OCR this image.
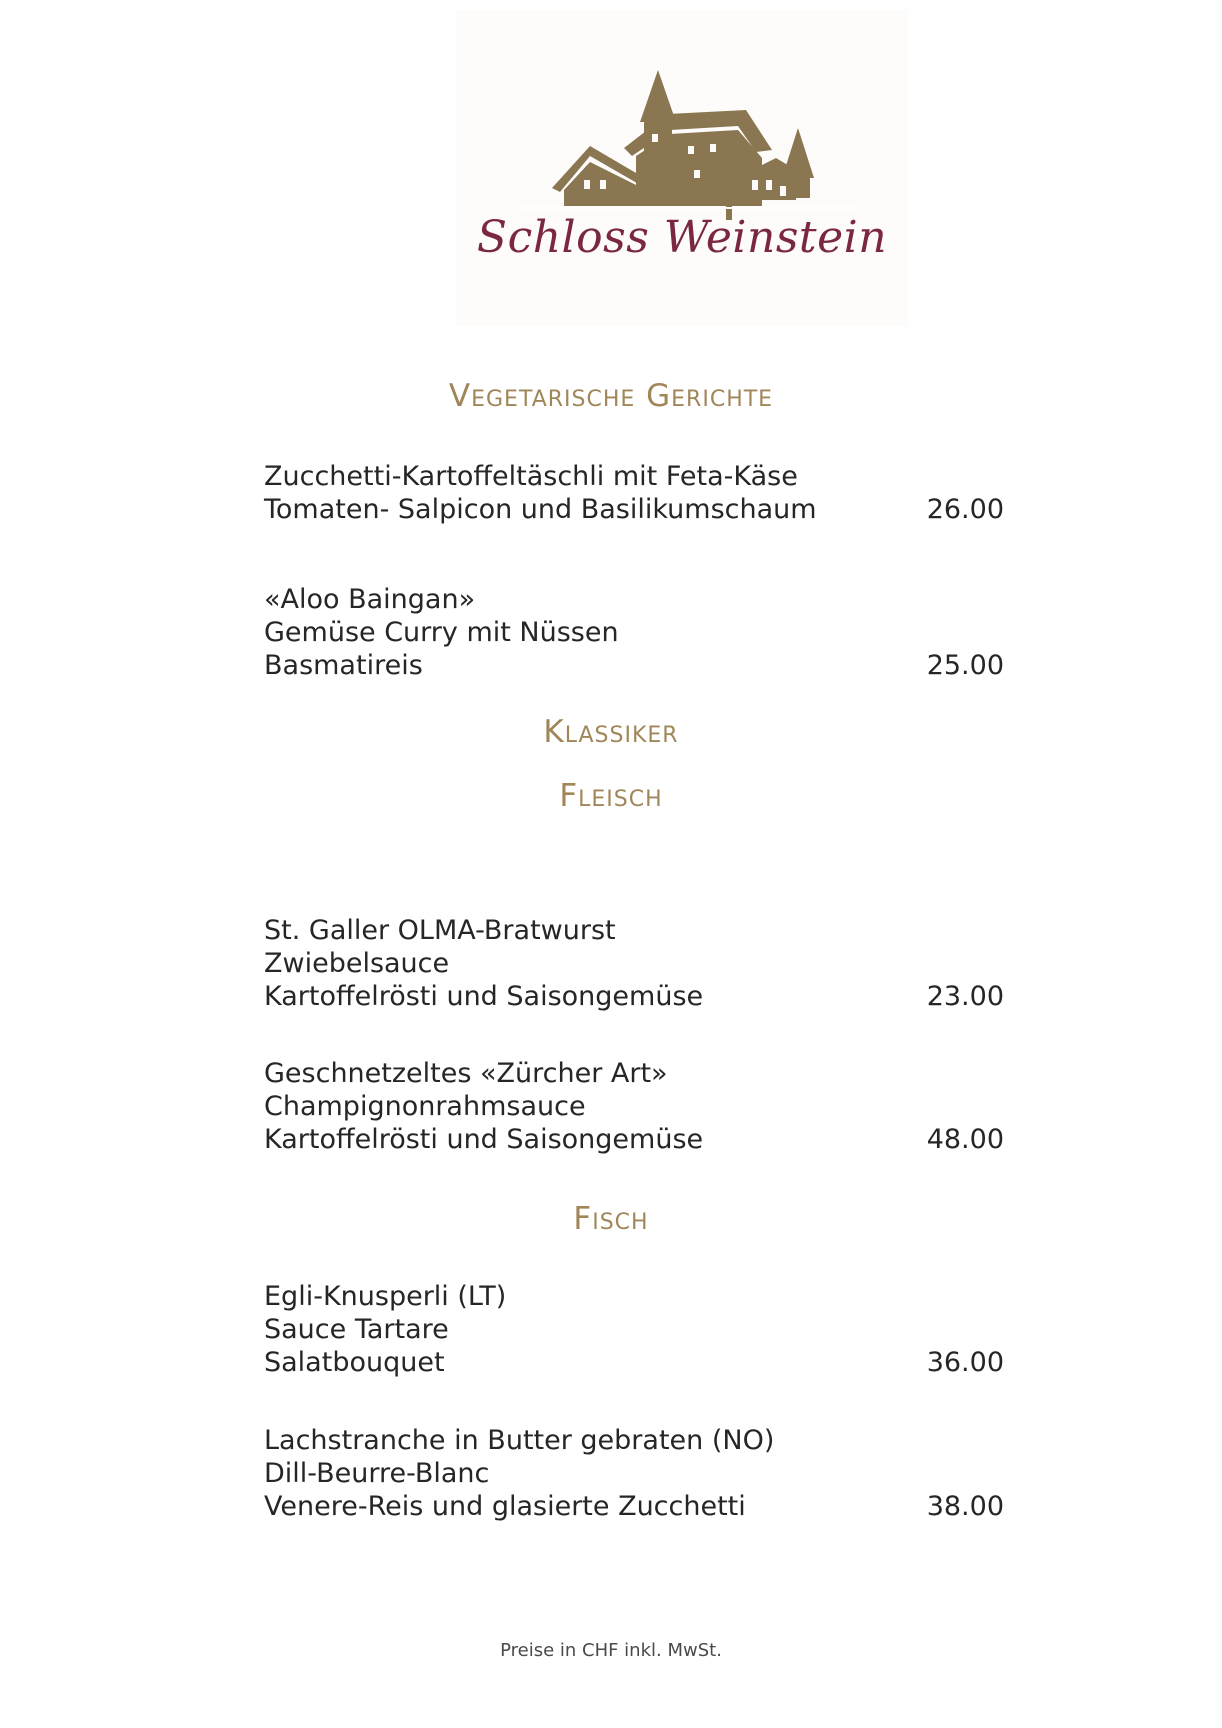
Schloss Weinstein
Vegetarische Gerichte
Zucchetti-Kartoffeltäschli mit Feta-Käse
Tomaten- Salpicon und Basilikumschaum	26.00
«Aloo Baingan»
Gemüse Curry mit Nüssen
Basmatireis	25.00
Klassiker
Fleisch
St. Galler OLMA-Bratwurst
Zwiebelsauce
Kartoffelrösti und Saisongemüse	23.00
Geschnetzeltes «Zürcher Art»
Champignonrahmsauce
Kartoffelrösti und Saisongemüse	48.00
Fisch
Egli-Knusperli (LT)
Sauce Tartare
Salatbouquet	36.00
Lachstranche in Butter gebraten (NO)
Dill-Beurre-Blanc
Venere-Reis und glasierte Zucchetti	38.00
Preise in CHF inkl. MwSt.
